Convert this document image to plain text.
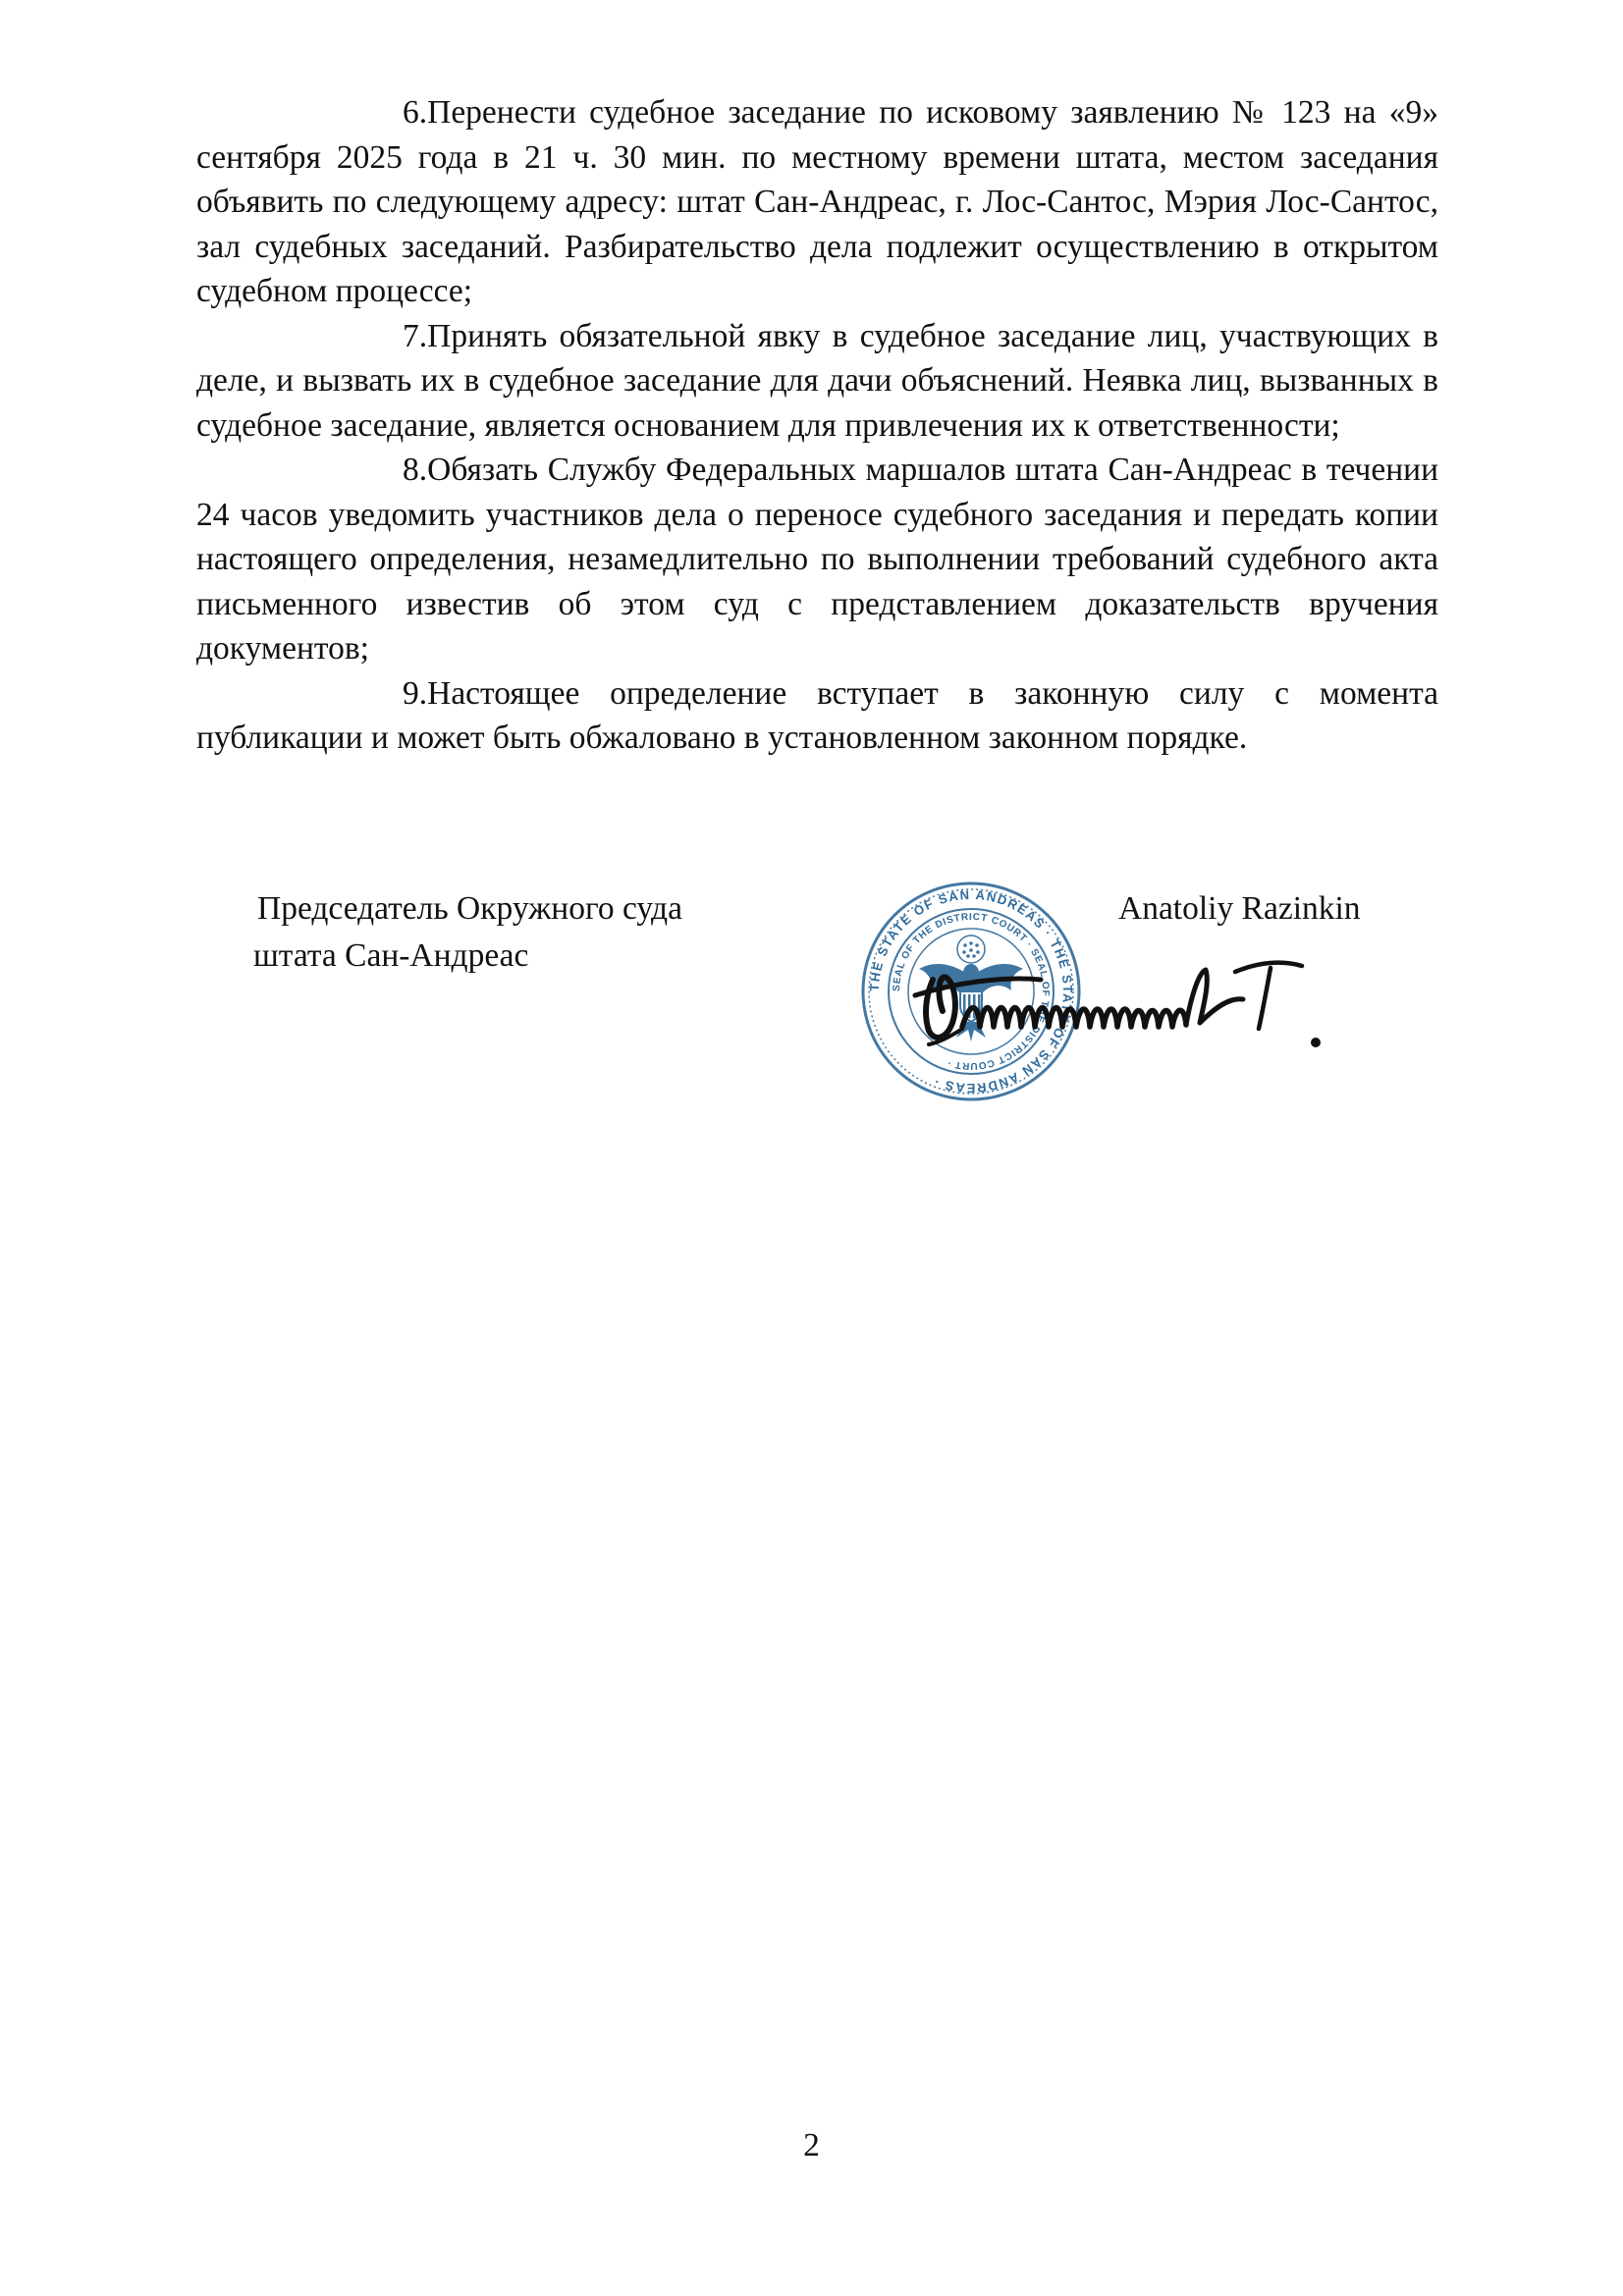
6.Перенести судебное заседание по исковому заявлению № 123 на «9» сентября 2025 года в 21 ч. 30 мин. по местному времени штата, местом заседания объявить по следующему адресу: штат Сан-Андреас, г. Лос-Сантос, Мэрия Лос-Сантос, зал судебных заседаний. Разбирательство дела подлежит осуществлению в открытом судебном процессе;

7.Принять обязательной явку в судебное заседание лиц, участвующих в деле, и вызвать их в судебное заседание для дачи объяснений. Неявка лиц, вызванных в судебное заседание, является основанием для привлечения их к ответственности;

8.Обязать Службу Федеральных маршалов штата Сан-Андреас в течении 24 часов уведомить участников дела о переносе судебного заседания и передать копии настоящего определения, незамедлительно по выполнении требований судебного акта письменного известив об этом суд с представлением доказательств вручения документов;

9.Настоящее определение вступает в законную силу с момента публикации и может быть обжаловано в установленном законном порядке.

Председатель Окружного суда
штата Сан-Андреас
THE STATE OF SAN ANDREAS · THE STATE OF SAN ANDREAS ·
SEAL OF THE DISTRICT COURT · SEAL OF THE DISTRICT COURT ·
Anatoliy Razinkin
2
